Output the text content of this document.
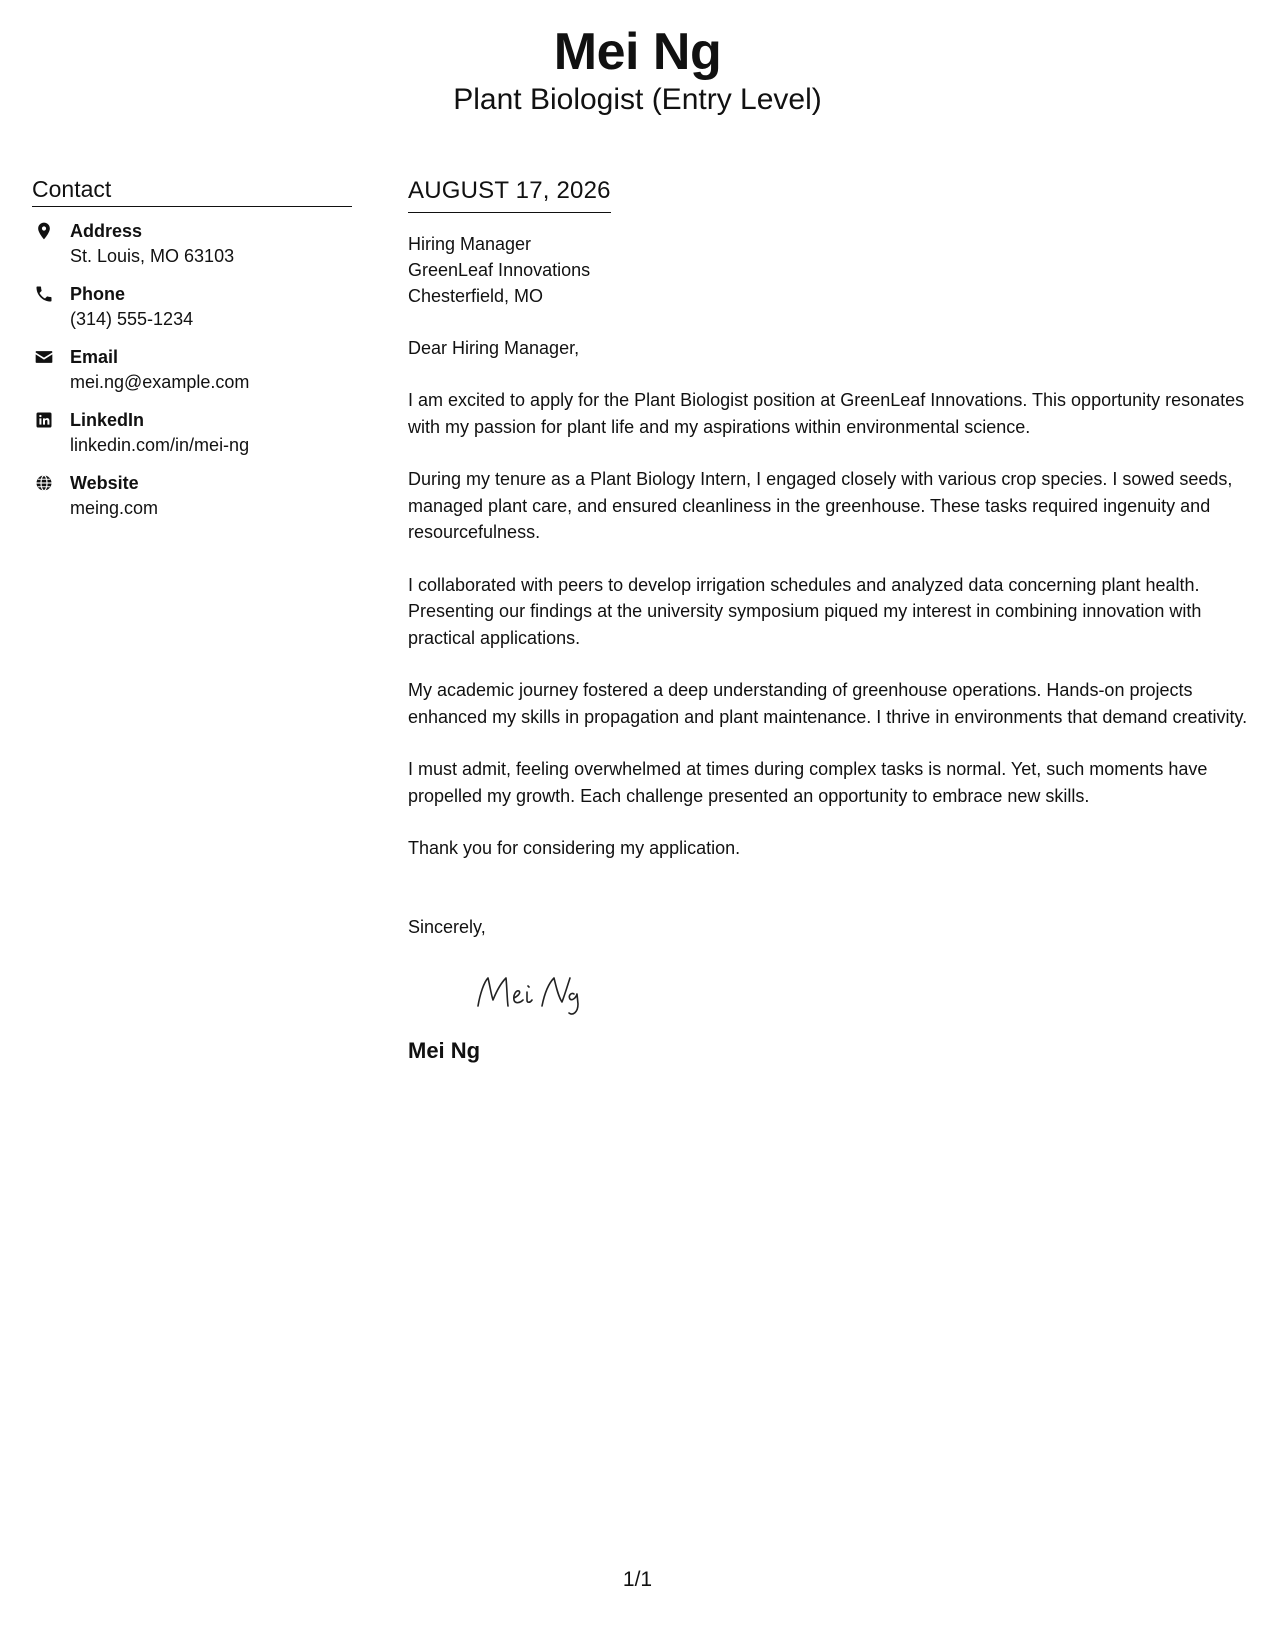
Mei Ng
Plant Biologist (Entry Level)
Contact
Address
St. Louis, MO 63103
Phone
(314) 555-1234
Email
mei.ng@example.com
LinkedIn
linkedin.com/in/mei-ng
Website
meing.com
AUGUST 17, 2026
Hiring Manager
GreenLeaf Innovations
Chesterfield, MO
Dear Hiring Manager,
I am excited to apply for the Plant Biologist position at GreenLeaf Innovations. This opportunity resonates with my passion for plant life and my aspirations within environmental science.
During my tenure as a Plant Biology Intern, I engaged closely with various crop species. I sowed seeds, managed plant care, and ensured cleanliness in the greenhouse. These tasks required ingenuity and resourcefulness.
I collaborated with peers to develop irrigation schedules and analyzed data concerning plant health. Presenting our findings at the university symposium piqued my interest in combining innovation with practical applications.
My academic journey fostered a deep understanding of greenhouse operations. Hands-on projects enhanced my skills in propagation and plant maintenance. I thrive in environments that demand creativity.
I must admit, feeling overwhelmed at times during complex tasks is normal. Yet, such moments have propelled my growth. Each challenge presented an opportunity to embrace new skills.
Thank you for considering my application.
Sincerely,
Mei Ng
1/1
